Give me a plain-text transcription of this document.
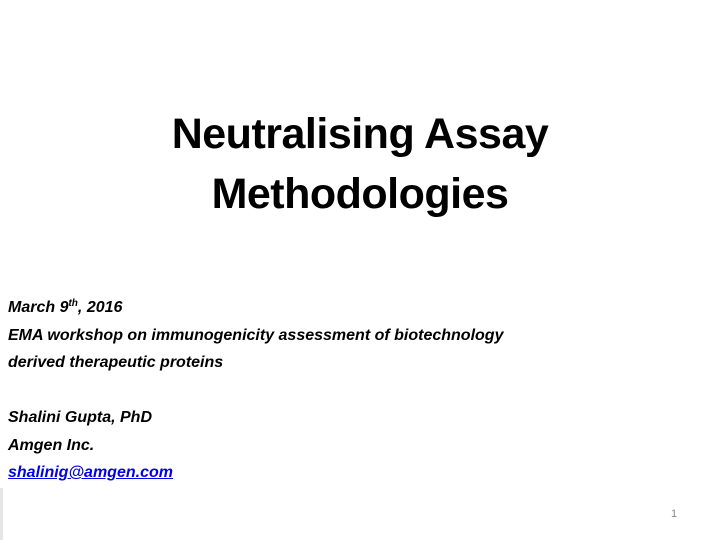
Neutralising Assay
Methodologies
March 9th, 2016
EMA workshop on immunogenicity assessment of biotechnology
derived therapeutic proteins
Shalini Gupta, PhD
Amgen Inc.
shalinig@amgen.com
1
